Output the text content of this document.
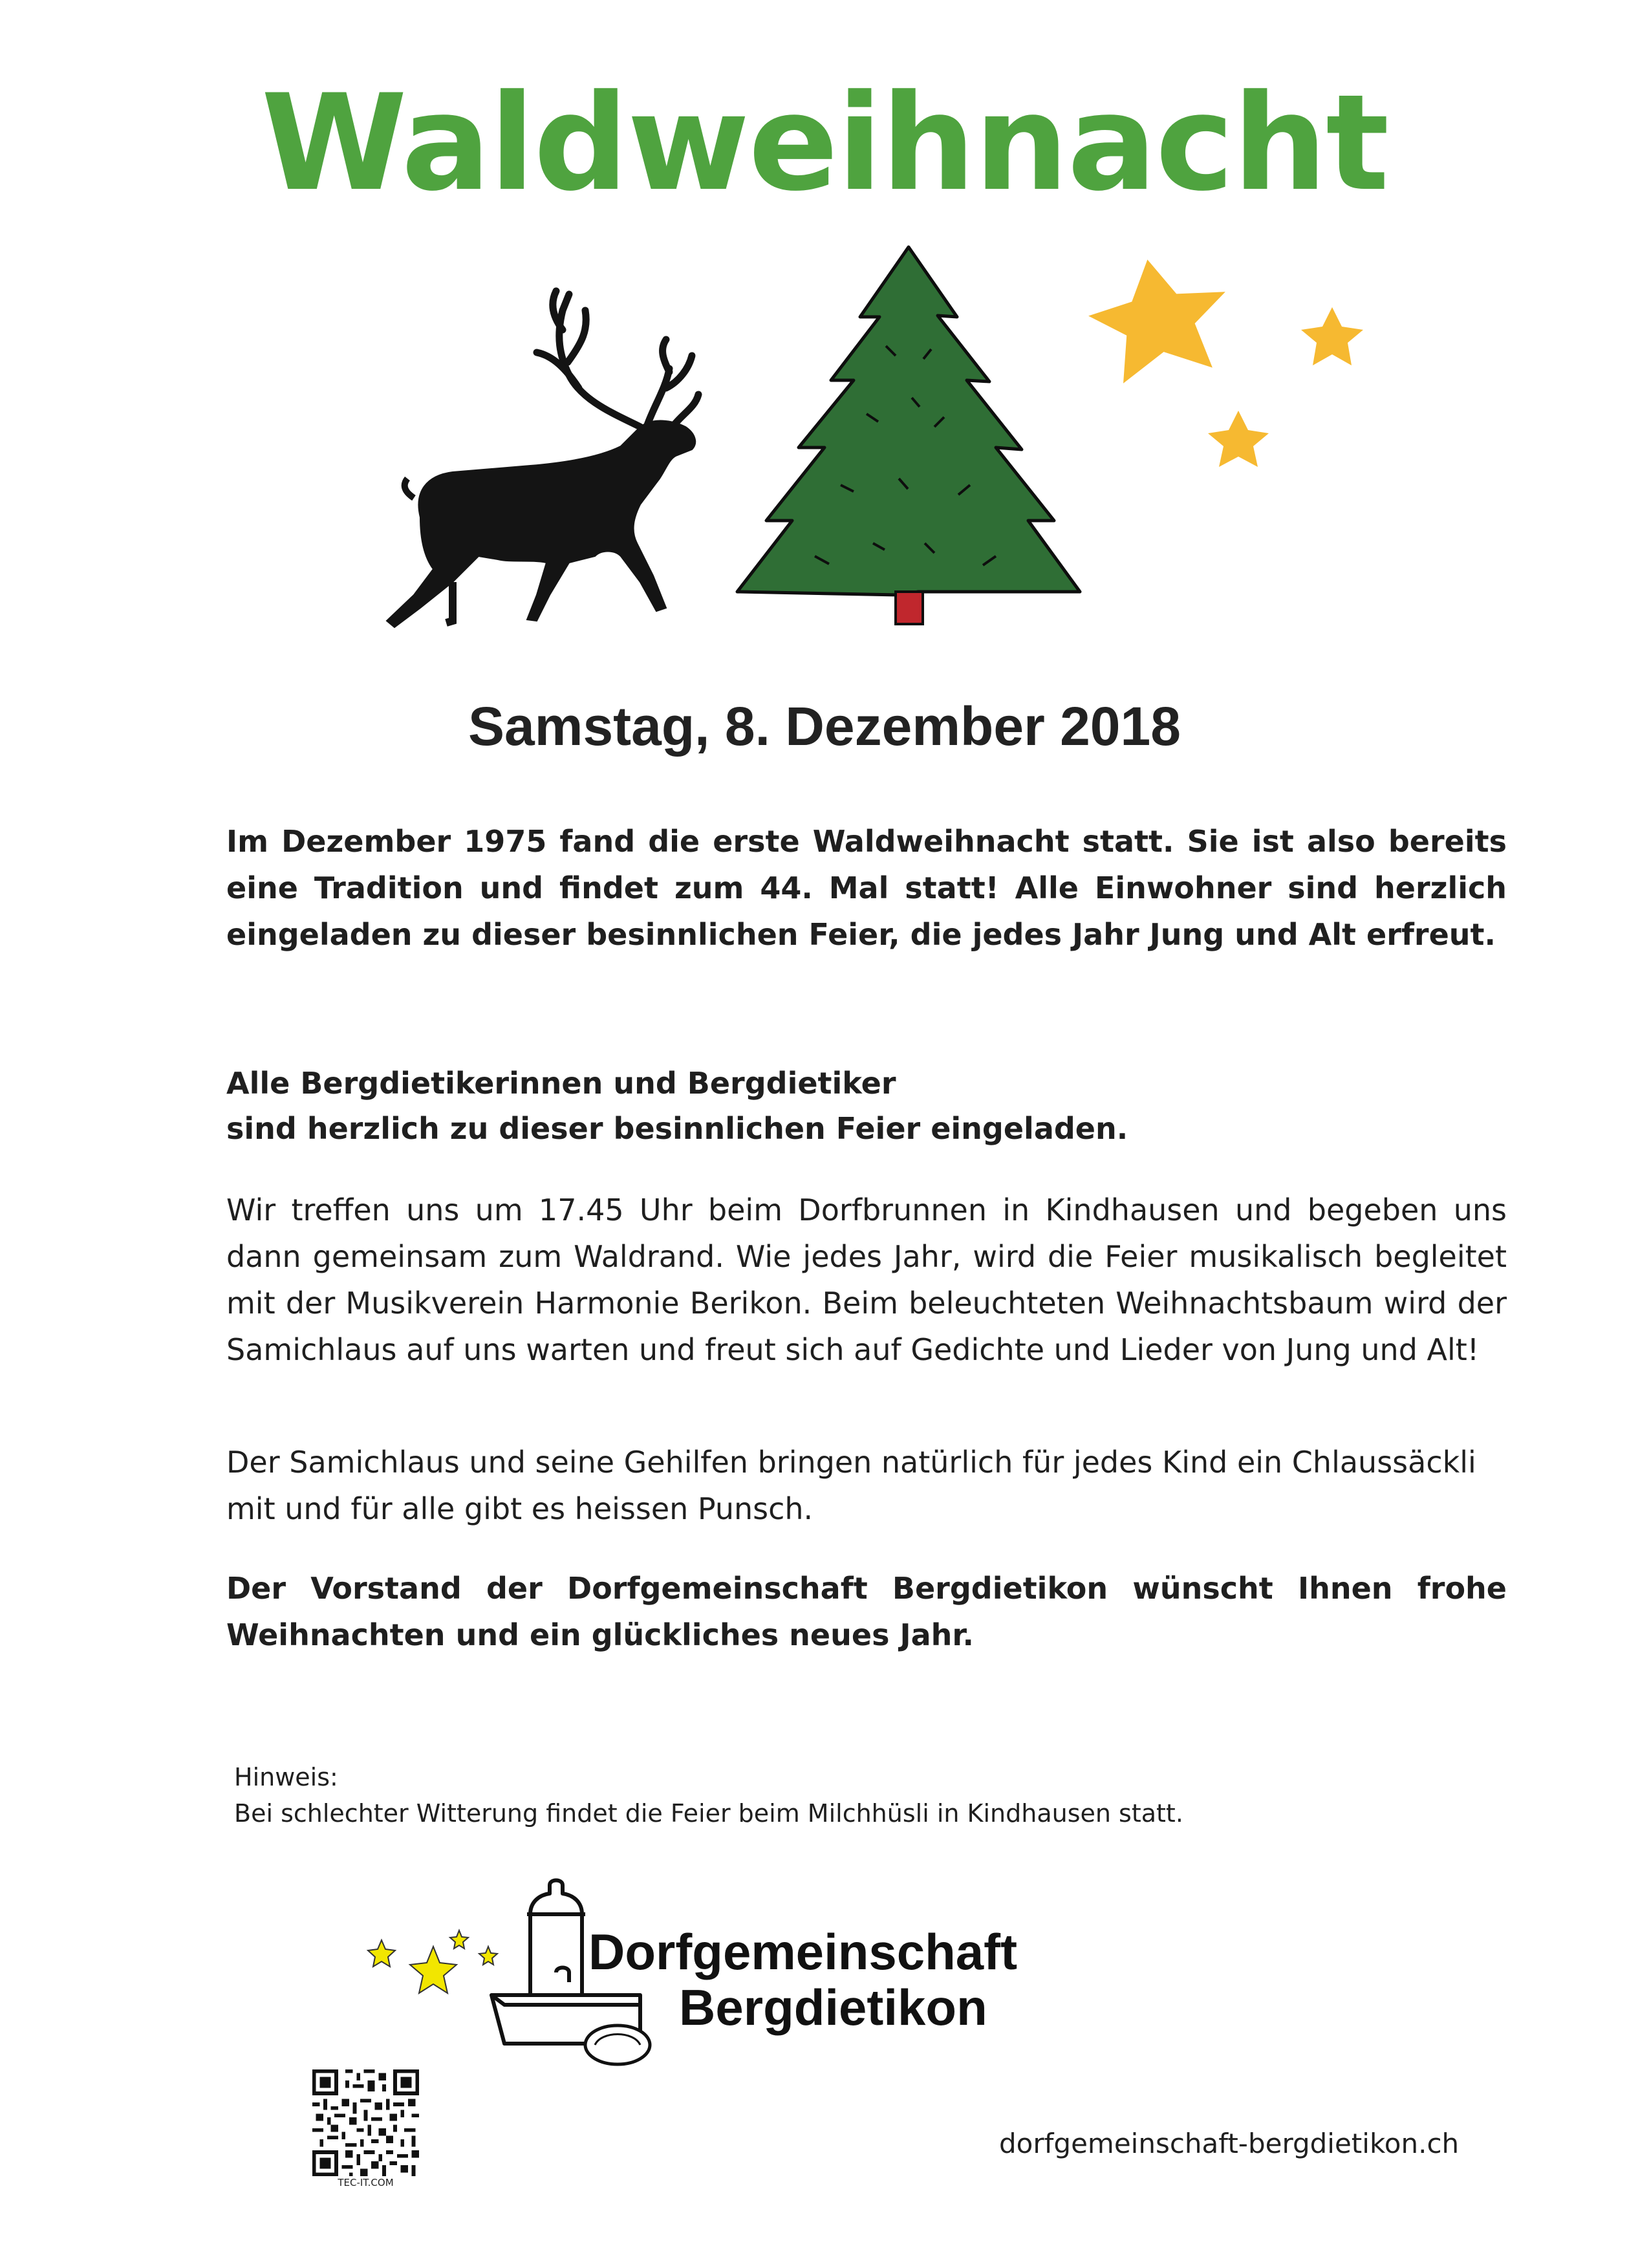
Waldweihnacht
Samstag, 8. Dezember 2018
Im Dezember 1975 fand die erste Waldweihnacht statt. Sie ist also bereits eine Tradition und findet zum 44. Mal statt! Alle Einwohner sind herzlich eingeladen zu dieser besinnlichen Feier, die jedes Jahr Jung und Alt erfreut.
Alle Bergdietikerinnen und Bergdietiker
sind herzlich zu dieser besinnlichen Feier eingeladen.
Wir treffen uns um 17.45 Uhr beim Dorfbrunnen in Kindhausen und begeben uns dann gemeinsam zum Waldrand. Wie jedes Jahr, wird die Feier musikalisch begleitet mit der Musikverein Harmonie Berikon. Beim beleuchteten Weihnachtsbaum wird der Samichlaus auf uns warten und freut sich auf Gedichte und Lieder von Jung und Alt!
Der Samichlaus und seine Gehilfen bringen natürlich für jedes Kind ein Chlaussäckli mit und für alle gibt es heissen Punsch.
Der Vorstand der Dorfgemeinschaft Bergdietikon wünscht Ihnen frohe Weihnachten und ein glückliches neues Jahr.
Hinweis:
Bei schlechter Witterung findet die Feier beim Milchhüsli in Kindhausen statt.
Dorfgemeinschaft
Bergdietikon
TEC-IT.COM
dorfgemeinschaft-bergdietikon.ch
